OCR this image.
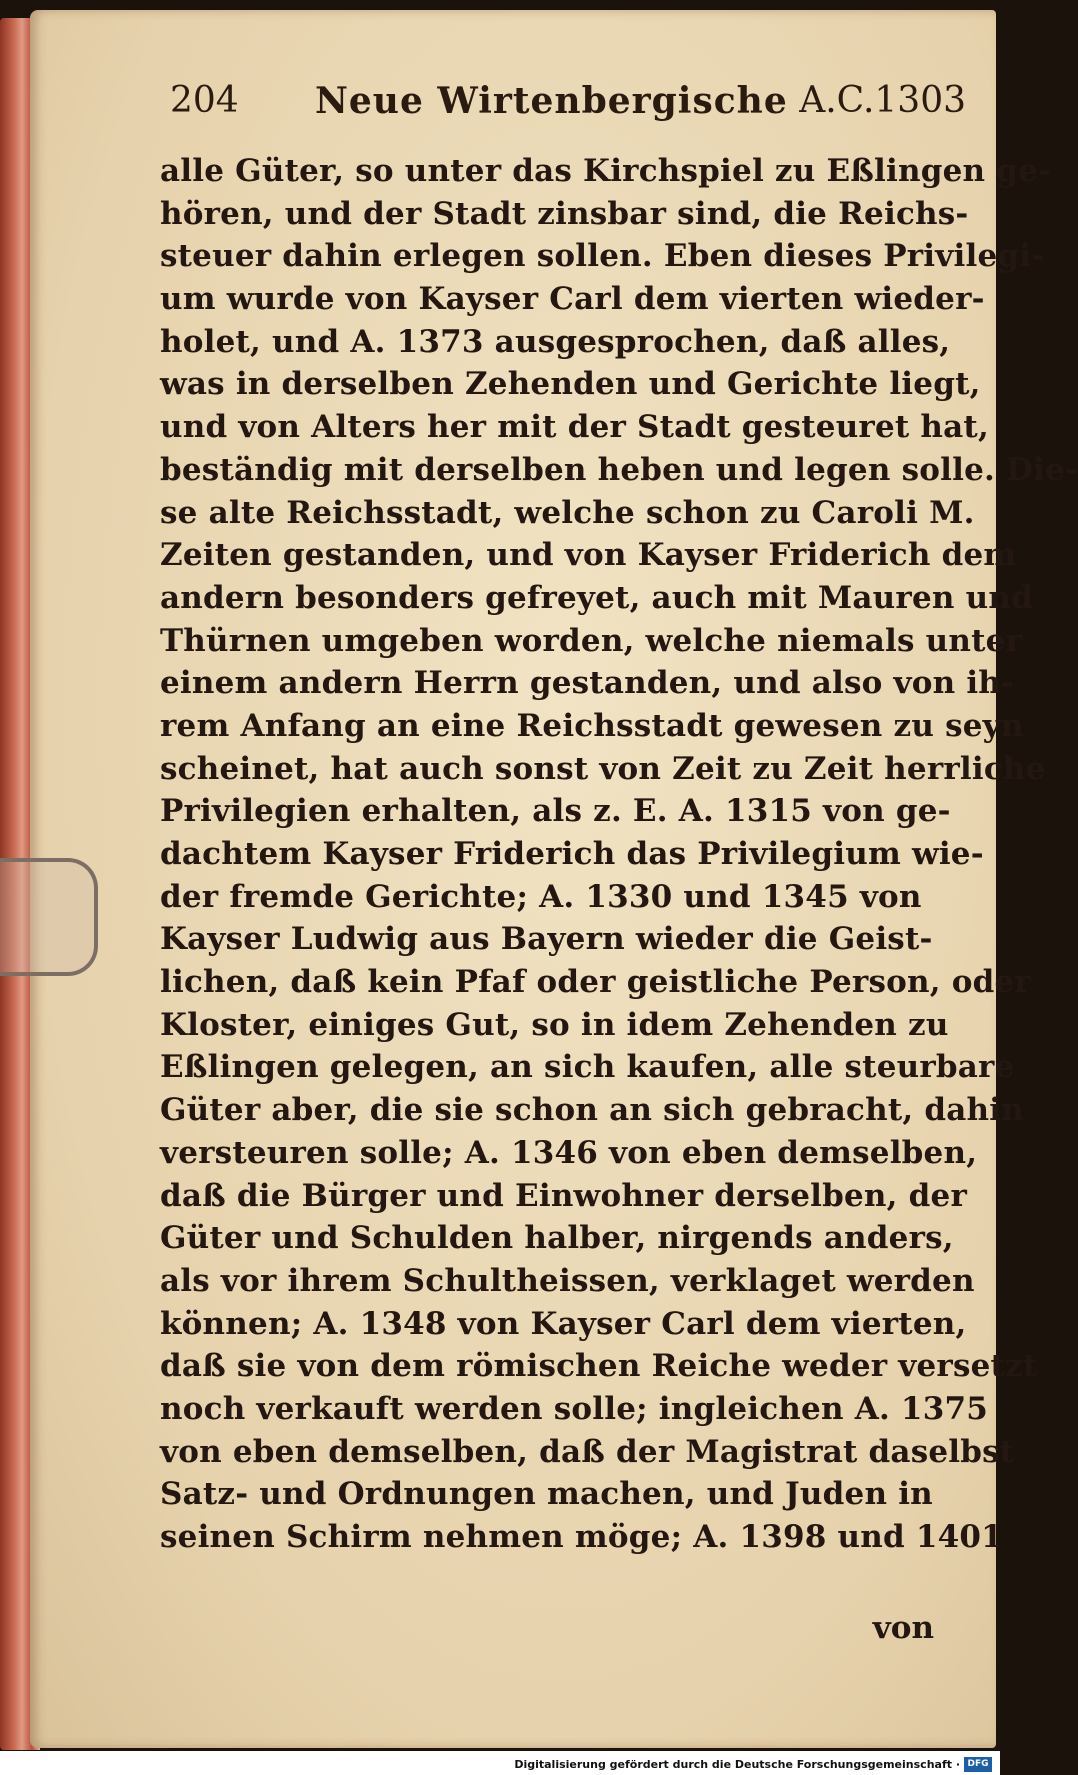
204 Neue Wirtenbergische A.C.1303
alle Güter, so unter das Kirchspiel zu Eßlingen ge-
hören, und der Stadt zinsbar sind, die Reichs-
steuer dahin erlegen sollen. Eben dieses Privilegi-
um wurde von Kayser Carl dem vierten wieder-
holet, und A. 1373 ausgesprochen, daß alles,
was in derselben Zehenden und Gerichte liegt,
und von Alters her mit der Stadt gesteuret hat,
beständig mit derselben heben und legen solle. Die-
se alte Reichsstadt, welche schon zu Caroli M.
Zeiten gestanden, und von Kayser Friderich dem
andern besonders gefreyet, auch mit Mauren und
Thürnen umgeben worden, welche niemals unter
einem andern Herrn gestanden, und also von ih-
rem Anfang an eine Reichsstadt gewesen zu seyn
scheinet, hat auch sonst von Zeit zu Zeit herrliche
Privilegien erhalten, als z. E. A. 1315 von ge-
dachtem Kayser Friderich das Privilegium wie-
der fremde Gerichte; A. 1330 und 1345 von
Kayser Ludwig aus Bayern wieder die Geist-
lichen, daß kein Pfaf oder geistliche Person, oder
Kloster, einiges Gut, so in idem Zehenden zu
Eßlingen gelegen, an sich kaufen, alle steurbare
Güter aber, die sie schon an sich gebracht, dahin
versteuren solle; A. 1346 von eben demselben,
daß die Bürger und Einwohner derselben, der
Güter und Schulden halber, nirgends anders,
als vor ihrem Schultheissen, verklaget werden
können; A. 1348 von Kayser Carl dem vierten,
daß sie von dem römischen Reiche weder versetzt
noch verkauft werden solle; ingleichen A. 1375
von eben demselben, daß der Magistrat daselbst
Satz- und Ordnungen machen, und Juden in
seinen Schirm nehmen möge; A. 1398 und 1401
von
Digitalisierung gefördert durch die Deutsche Forschungsgemeinschaft · DFG
